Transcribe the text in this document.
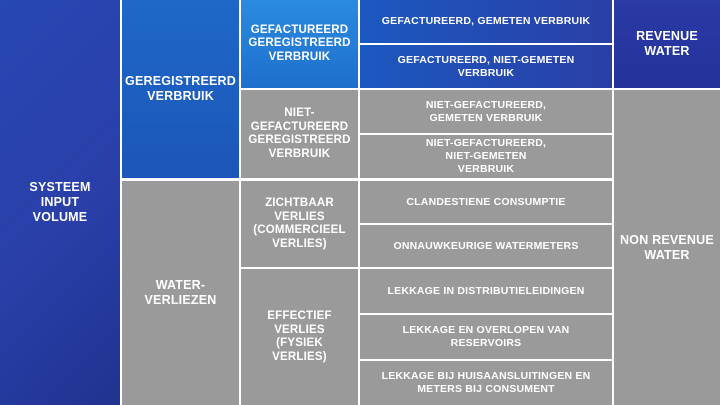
SYSTEEM INPUT VOLUME
GEREGISTREERD VERBRUIK
WATER-VERLIEZEN
GEFACTUREERD GEREGISTREERD VERBRUIK
NIET-GEFACTUREERD GEREGISTREERD VERBRUIK
ZICHTBAAR VERLIES (COMMERCIEEL VERLIES)
EFFECTIEF VERLIES (FYSIEK VERLIES)
GEFACTUREERD, GEMETEN VERBRUIK
GEFACTUREERD, NIET-GEMETEN VERBRUIK
NIET-GEFACTUREERD, GEMETEN VERBRUIK
NIET-GEFACTUREERD, NIET-GEMETEN VERBRUIK
CLANDESTIENE CONSUMPTIE
ONNAUWKEURIGE WATERMETERS
LEKKAGE IN DISTRIBUTIELEIDINGEN
LEKKAGE EN OVERLOPEN VAN RESERVOIRS
LEKKAGE BIJ HUISAANSLUITINGEN EN METERS BIJ CONSUMENT
REVENUE WATER
NON REVENUE WATER
